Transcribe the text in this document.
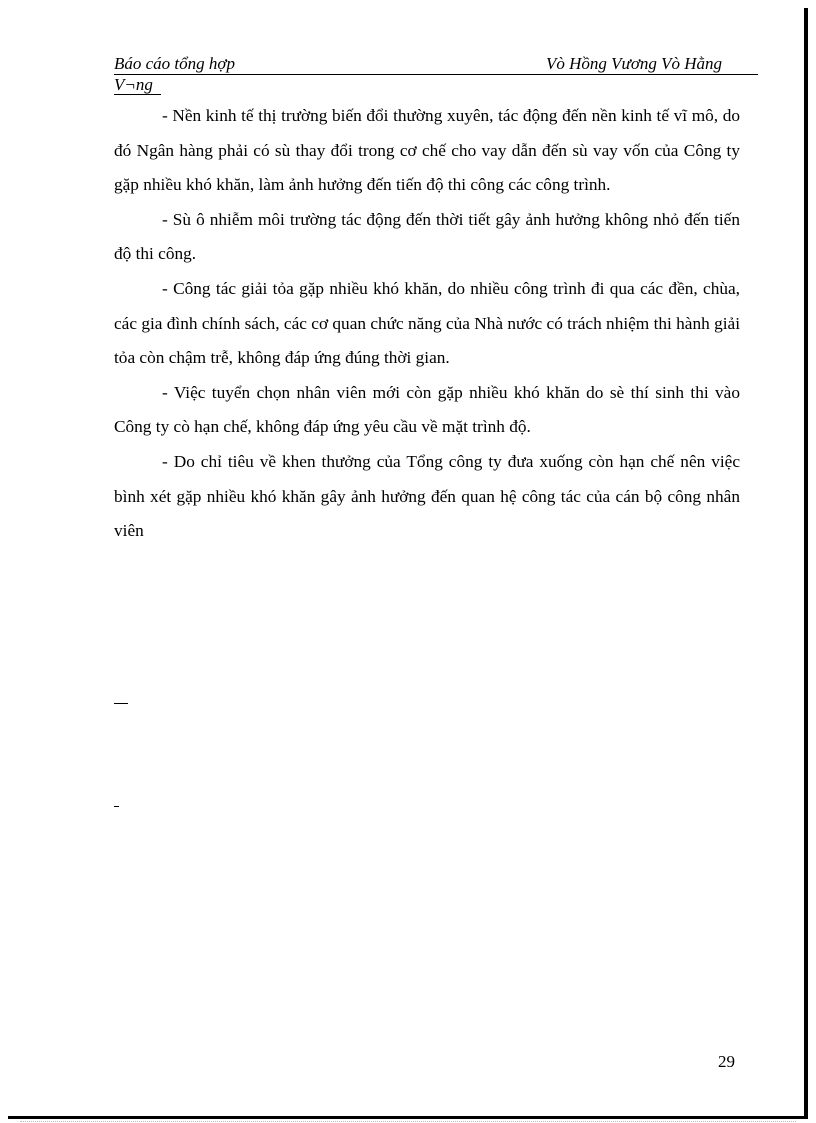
Báo cáo tổng hợp	Vò Hồng Vương Vò Hằng
V¬ng

- Nền kinh tế thị trường biến đổi thường xuyên, tác động đến nền kinh tế vĩ mô, do đó Ngân hàng phải có sù thay đổi trong cơ chế cho vay dẫn đến sù vay vốn của Công ty gặp nhiều khó khăn, làm ảnh hưởng đến tiến độ thi công các công trình.

- Sù ô nhiễm môi trường tác động đến thời tiết gây ảnh hưởng không nhỏ đến tiến độ thi công.

- Công tác giải tỏa gặp nhiều khó khăn, do nhiều công trình đi qua các đền, chùa, các gia đình chính sách, các cơ quan chức năng của Nhà nước có trách nhiệm thi hành giải tỏa còn chậm trễ, không đáp ứng đúng thời gian.

- Việc tuyển chọn nhân viên mới còn gặp nhiều khó khăn do sè thí sinh thi vào Công ty cò hạn chế, không đáp ứng yêu cầu về mặt trình độ.

- Do chỉ tiêu về khen thưởng của Tổng công ty đưa xuống còn hạn chế nên việc bình xét gặp nhiều khó khăn gây ảnh hưởng đến quan hệ công tác của cán bộ công nhân viên

29
